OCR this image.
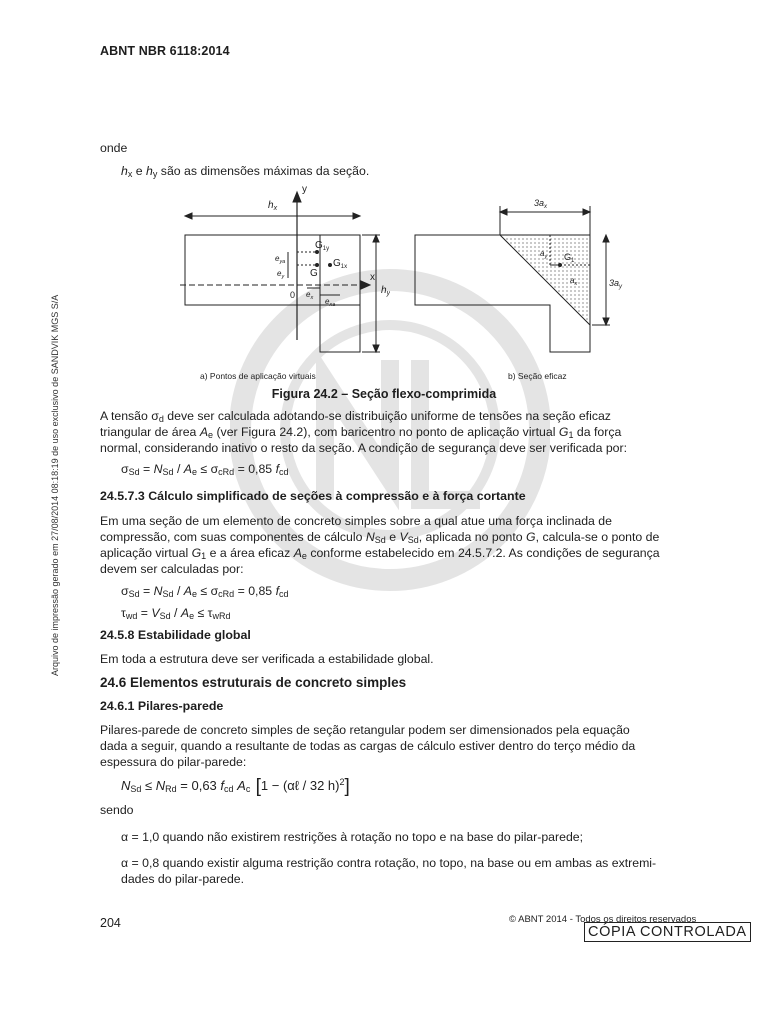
ABNT NBR 6118:2014
Arquivo de impressão gerado em 27/08/2014 08:18:19 de uso exclusivo de SANDVIK MGS S/A
onde
$h_x$ e $h_y$ são as dimensões máximas da seção.
y
x
$h_x$
$h_y$
$G_{1y}$
$G_{1x}$
G
0
$e_{ya}$
$e_y$
$e_x$ $e_{xa}$
$3a_x$
$3a_y$
$a_y$ $G_1$
$a_x$
a) Pontos de aplicação virtuais	b) Seção eficaz
Figura 24.2 – Seção flexo-comprimida
A tensão $\sigma_d$ deve ser calculada adotando-se distribuição uniforme de tensões na seção eficaz
triangular de área $A_e$ (ver Figura 24.2), com baricentro no ponto de aplicação virtual $G_1$ da força
normal, considerando inativo o resto da seção. A condição de segurança deve ser verificada por:
$\sigma_{Sd} = N_{Sd} / A_e \le \sigma_{cRd} = 0,85$ $f_{cd}$
24.5.7.3 Cálculo simplificado de seções à compressão e à força cortante
Em uma seção de um elemento de concreto simples sobre a qual atue uma força inclinada de
compressão, com suas componentes de cálculo $N_{Sd}$ e $V_{Sd}$, aplicada no ponto G, calcula-se o ponto de
aplicação virtual $G_1$ e a área eficaz $A_e$ conforme estabelecido em 24.5.7.2. As condições de segurança
devem ser calculadas por:
$\sigma_{Sd} = N_{Sd} / A_e \le \sigma_{cRd} = 0,85$ $f_{cd}$
$\tau_{wd} = V_{Sd} / A_e \le \tau_{wRd}$
24.5.8 Estabilidade global
Em toda a estrutura deve ser verificada a estabilidade global.
24.6 Elementos estruturais de concreto simples
24.6.1 Pilares-parede
Pilares-parede de concreto simples de seção retangular podem ser dimensionados pela equação
dada a seguir, quando a resultante de todas as cargas de cálculo estiver dentro do terço médio da
espessura do pilar-parede:
$N_{Sd} \le N_{Rd} = 0,63$ $f_{cd}$ $A_c$ [1 − (αℓ / 32 h)$^2$]
sendo
α = 1,0 quando não existirem restrições à rotação no topo e na base do pilar-parede;
α = 0,8 quando existir alguma restrição contra rotação, no topo, na base ou em ambas as extremi-
dades do pilar-parede.
204	© ABNT 2014 - Todos os direitos reservados
CÓPIA CONTROLADA
